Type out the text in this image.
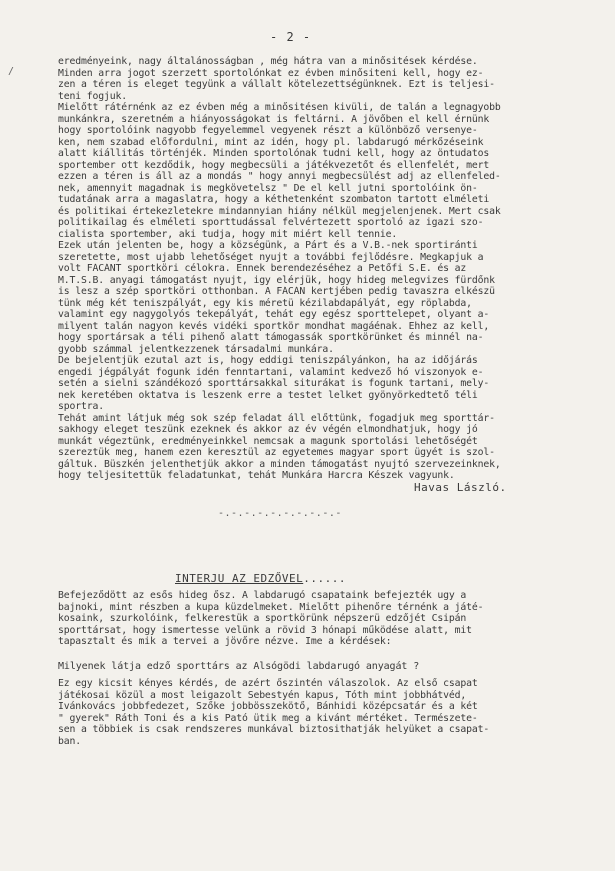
/
- 2 -
eredményeink, nagy általánosságban , még hátra van a minősitések kérdése.
Minden arra jogot szerzett sportolónkat ez évben minősiteni kell, hogy ez-
zen a téren is eleget tegyünk a vállalt kötelezettségünknek. Ezt is teljesi-
teni fogjuk.
Mielőtt rátérnénk az ez évben még a minősitésen kivüli, de talán a legnagyobb
munkánkra, szeretném a hiányosságokat is feltárni. A jövőben el kell érnünk
hogy sportolóink nagyobb fegyelemmel vegyenek részt a különböző versenye-
ken, nem szabad előfordulni, mint az idén, hogy pl. labdarugó mérkőzéseink
alatt kiállitás történjék. Minden sportolónak tudni kell, hogy az öntudatos
sportember ott kezdődik, hogy megbecsüli a játékvezetőt és ellenfelét, mert
ezzen a téren is áll az a mondás " hogy annyi megbecsülést adj az ellenfeled-
nek, amennyit magadnak is megkövetelsz " De el kell jutni sportolóink ön-
tudatának arra a magaslatra, hogy a kéthetenként szombaton tartott elméleti
és politikai értekezletekre mindannyian hiány nélkül megjelenjenek. Mert csak
politikailag és elméleti sporttudással felvértezett sportoló az igazi szo-
cialista sportember, aki tudja, hogy mit miért kell tennie.
Ezek után jelenten be, hogy a községünk, a Párt és a V.B.-nek sportiránti
szeretette, most ujabb lehetőséget nyujt a további fejlődésre. Megkapjuk a
volt FÁCÁNT sportköri célokra. Ennek berendezéséhez a Petőfi S.E. és az
M.T.S.B. anyagi támogatást nyujt, igy elérjük, hogy hideg melegvizes fürdőnk
is lesz a szép sportköri otthonban. A FÁCÁN kertjében pedig tavaszra elkészü
tünk még két teniszpályát, egy kis méretü kézilabdapályát, egy röplabda,
valamint egy nagygolyós tekepályát, tehát egy egész sporttelepet, olyant a-
milyent talán nagyon kevés vidéki sportkör mondhat magáénak. Ehhez az kell,
hogy sportársak a téli pihenő alatt támogassák sportkörünket és minnél na-
gyobb számmal jelentkezzenek társadalmi munkára.
De bejelentjük ezutal azt is, hogy eddigi teniszpályánkon, ha az időjárás
engedi jégpályát fogunk idén fenntartani, valamint kedvező hó viszonyok e-
setén a sielni szándékozó sporttársakkal siturákat is fogunk tartani, mely-
nek keretében oktatva is leszenk erre a testet lelket gyönyörkedtető téli
sportra.
Tehát amint látjuk még sok szép feladat áll előttünk, fogadjuk meg sporttár-
sakhogy eleget teszünk ezeknek és akkor az év végén elmondhatjuk, hogy jó
munkát végeztünk, eredményeinkkel nemcsak a magunk sportolási lehetőségét
szereztük meg, hanem ezen keresztül az egyetemes magyar sport ügyét is szol-
gáltuk. Büszkén jelenthetjük akkor a minden támogatást nyujtó szervezeinknek,
hogy teljesitettük feladatunkat, tehát Munkára Harcra Készek vagyunk.
Havas László.
-.-.-.-.-.-.-.-.-.-
INTERJU AZ EDZŐVEL......
Befejeződött az esős hideg ősz. A labdarugó csapataink befejezték ugy a
bajnoki, mint részben a kupa küzdelmeket. Mielőtt pihenőre térnénk a játé-
kosaink, szurkolóink, felkerestük a sportkörünk népszerü edzőjét Csipán
sporttársat, hogy ismertesse velünk a rövid 3 hónapi működése alatt, mit
tapasztalt és mik a tervei a jövőre nézve. Ime a kérdések:
Milyenek látja edző sporttárs az Alsógödi labdarugó anyagát ?
Ez egy kicsit kényes kérdés, de azért őszintén válaszolok. Az első csapat
játékosai közül a most leigazolt Sebestyén kapus, Tóth mint jobbhátvéd,
Ivánkovács jobbfedezet, Szőke jobbösszekötő, Bánhidi középcsatár és a két
" gyerek" Ráth Toni és a kis Pató ütik meg a kivánt mértéket. Természete-
sen a többiek is csak rendszeres munkával biztosithatják helyüket a csapat-
ban.
